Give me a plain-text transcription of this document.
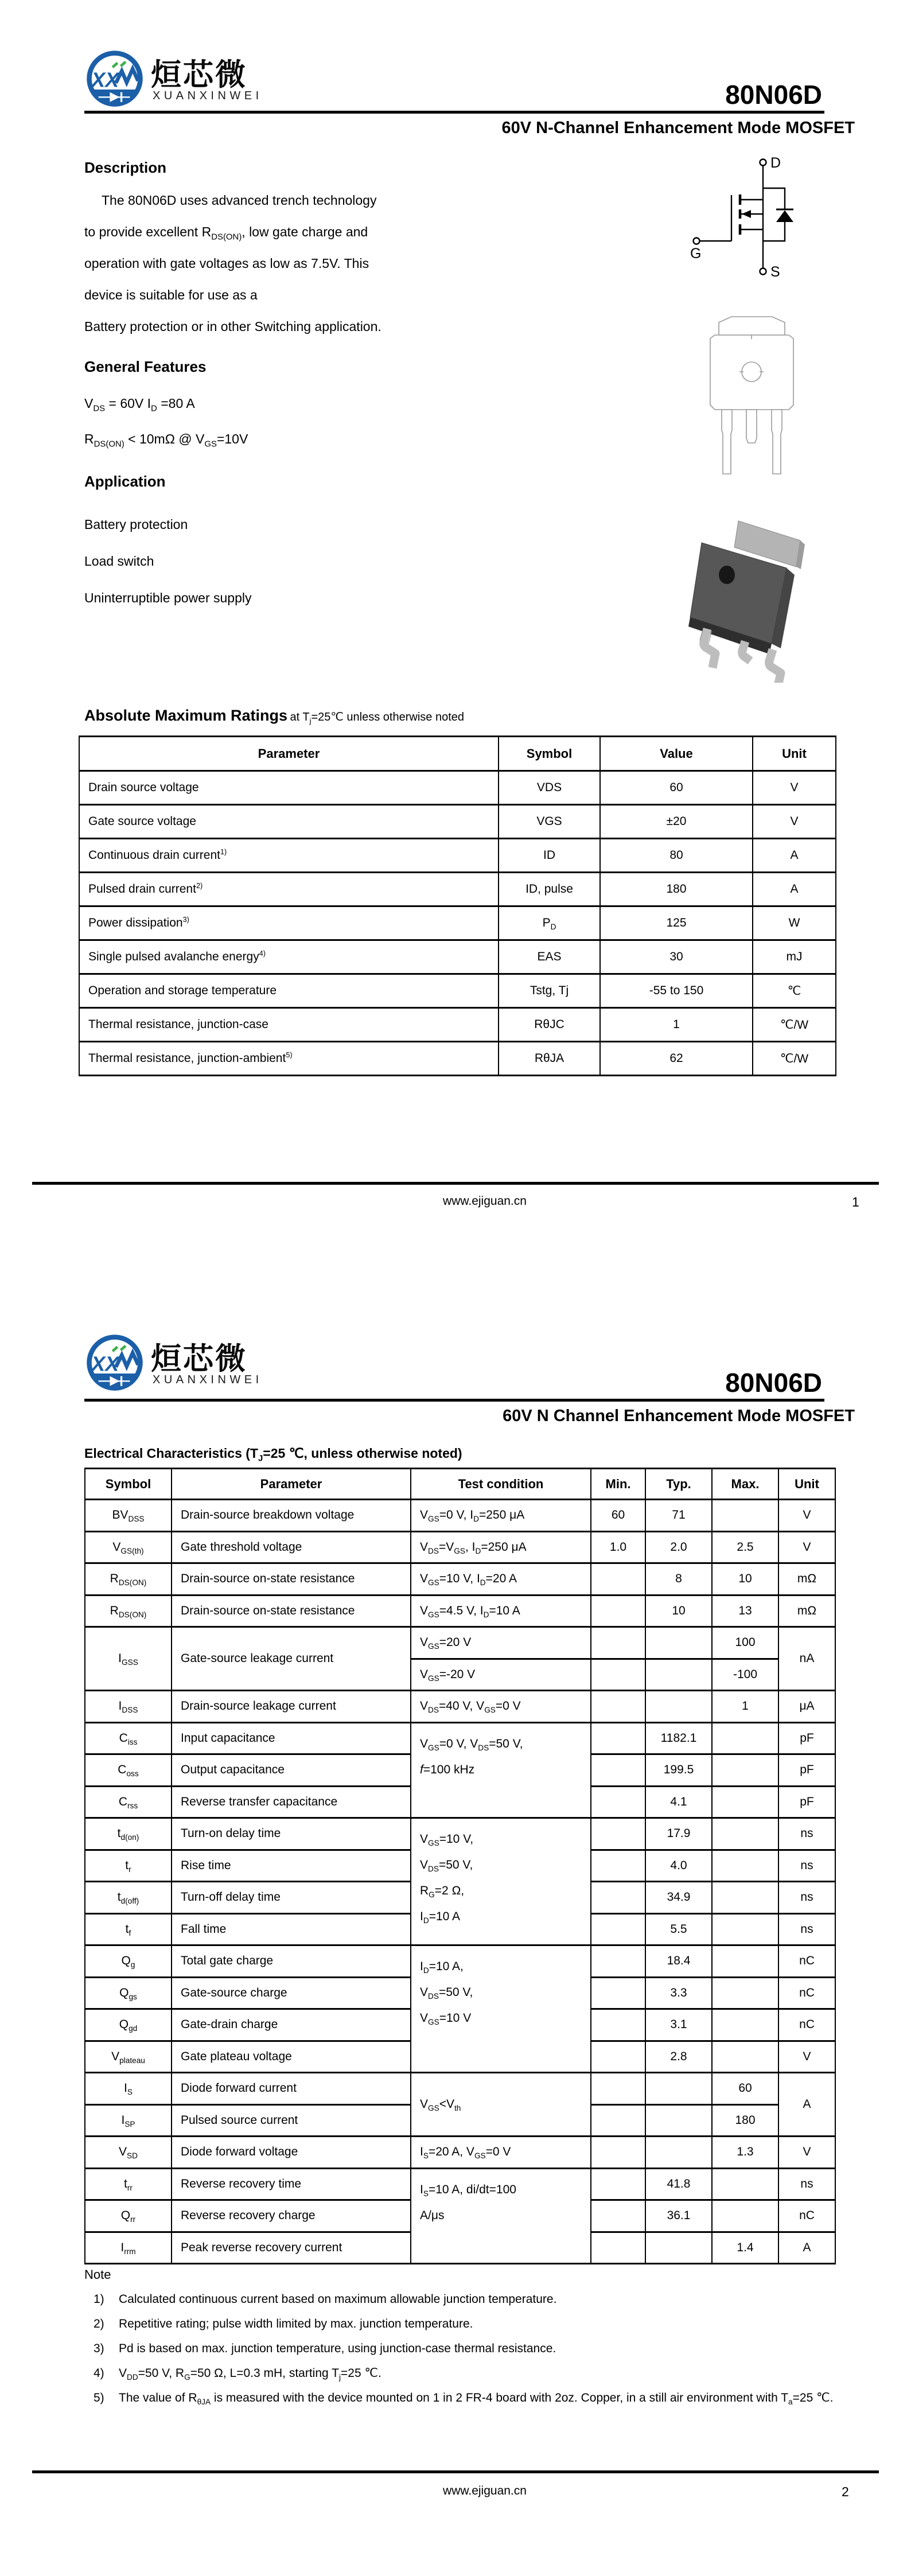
XX 烜芯微
XUANXINWEI	80N06D
60V N-Channel Enhancement Mode MOSFET
Description
The 80N06D uses advanced trench technology
to provide excellent $R_{DS(ON)}$, low gate charge and
operation with gate voltages as low as 7.5V. This
device is suitable for use as a
Battery protection or in other Switching application.
General Features
$V_{DS} = 60V$ $I_D =80$ A
$R_{DS(ON)} < 10m\Omega$ @ $V_{GS}=10V$
Application
Battery protection
Load switch
Uninterruptible power supply
D
G
S
Absolute Maximum Ratings at $T_j=25℃$ unless otherwise noted
Parameter	Symbol	Value	Unit
Drain source voltage	VDS	60	V
Gate source voltage	VGS	±20	V
Continuous drain current$^{1)}$	ID	80	A
Pulsed drain current$^{2)}$	ID, pulse	180	A
Power dissipation$^{3)}$	$P_D$	125	W
Single pulsed avalanche energy$^{4)}$	EAS	30	mJ
Operation and storage temperature	Tstg, Tj	-55 to 150	℃
Thermal resistance, junction-case	RθJC	1	℃/W
Thermal resistance, junction-ambient$^{5)}$	RθJA	62	℃/W
www.ejiguan.cn	1
XX 烜芯微
XUANXINWEI	80N06D
60V N Channel Enhancement Mode MOSFET
Electrical Characteristics ($T_J=25$ ℃, unless otherwise noted)
Symbol	Parameter	Test condition	Min.	Typ.	Max.	Unit
$BV_{DSS}$	Drain-source breakdown voltage	$V_{GS}=0$ V, $I_D=250$ μA	60	71		V
$V_{GS(th)}$	Gate threshold voltage	$V_{DS}=V_{GS}$, $I_D=250$ μA	1.0	2.0	2.5	V
$R_{DS(ON)}$	Drain-source on-state resistance	$V_{GS}=10$ V, $I_D=20$ A		8	10	mΩ
$R_{DS(ON)}$	Drain-source on-state resistance	$V_{GS}=4.5$ V, $I_D=10$ A		10	13	mΩ
$I_{GSS}$	Gate-source leakage current	$V_{GS}=20$ V			100	nA
		$V_{GS}=-20$ V			-100	
$I_{DSS}$	Drain-source leakage current	$V_{DS}=40$ V, $V_{GS}=0$ V			1	μA
$C_{iss}$	Input capacitance	$V_{GS}=0$ V, $V_{DS}=50$ V,
f=100 kHz		1182.1		pF
$C_{oss}$	Output capacitance			199.5		pF
$C_{rss}$	Reverse transfer capacitance			4.1		pF
$t_{d(on)}$	Turn-on delay time	$V_{GS}=10$ V,
$V_{DS}=50$ V,
$R_G=2$ Ω,
$I_D=10$ A		17.9		ns
$t_r$	Rise time			4.0		ns
$t_{d(off)}$	Turn-off delay time			34.9		ns
$t_f$	Fall time			5.5		ns
$Q_g$	Total gate charge	$I_D=10$ A,
$V_{DS}=50$ V,
$V_{GS}=10$ V		18.4		nC
$Q_{gs}$	Gate-source charge			3.3		nC
$Q_{gd}$	Gate-drain charge			3.1		nC
$V_{plateau}$	Gate plateau voltage			2.8		V
$I_S$	Diode forward current	$V_{GS}<V_{th}$			60	A
$I_{SP}$	Pulsed source current				180	
$V_{SD}$	Diode forward voltage	$I_S=20$ A, $V_{GS}=0$ V			1.3	V
$t_{rr}$	Reverse recovery time	$I_S=10$ A, di/dt=100
A/μs		41.8		ns
$Q_{rr}$	Reverse recovery charge			36.1		nC
$I_{rrm}$	Peak reverse recovery current				1.4	A
Note
1)	Calculated continuous current based on maximum allowable junction temperature.
2)	Repetitive rating; pulse width limited by max. junction temperature.
3)	Pd is based on max. junction temperature, using junction-case thermal resistance.
4)	$V_{DD}=50$ V, $R_G=50$ Ω, L=0.3 mH, starting $T_j=25$ ℃.
5)	The value of $R_{\theta JA}$ is measured with the device mounted on 1 in 2 FR-4 board with 2oz. Copper, in a still air environment with $T_a=25$ ℃.
www.ejiguan.cn	2
